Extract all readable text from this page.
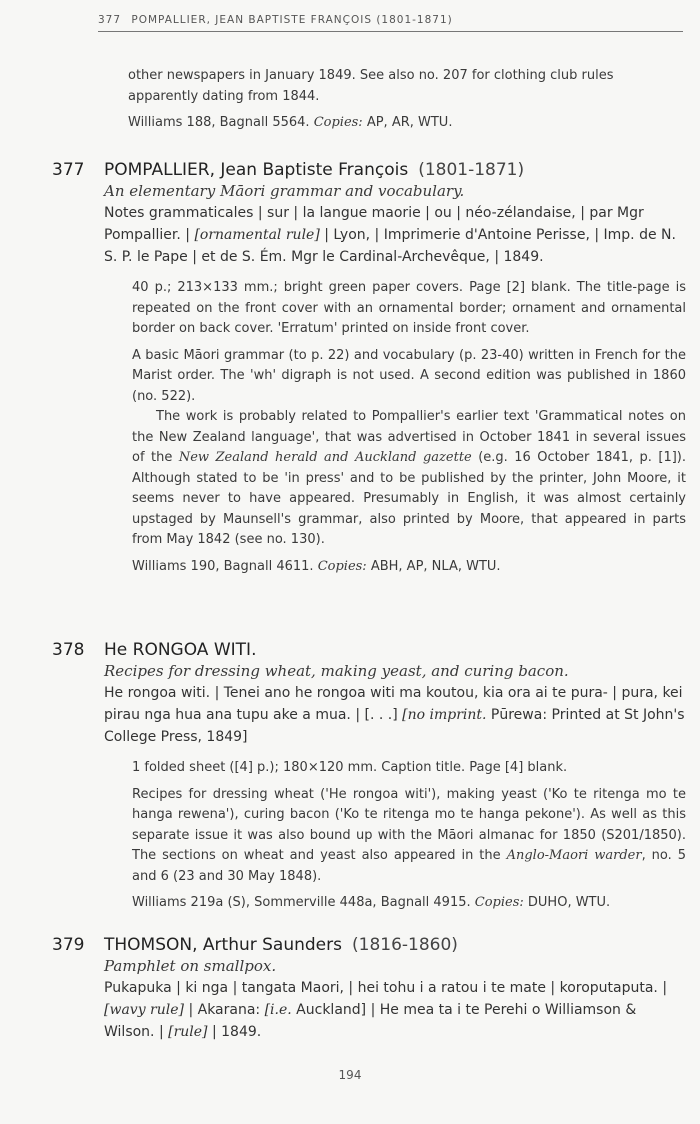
377 POMPALLIER, JEAN BAPTISTE FRANÇOIS (1801-1871)

other newspapers in January 1849. See also no. 207 for clothing club rules apparently dating from 1844.

Williams 188, Bagnall 5564. Copies: AP, AR, WTU.

377	POMPALLIER, Jean Baptiste François (1801-1871)
An elementary Māori grammar and vocabulary.
Notes grammaticales | sur | la langue maorie | ou | néo-zélandaise, | par Mgr Pompallier. | [ornamental rule] | Lyon, | Imprimerie d'Antoine Perisse, | Imp. de N. S. P. le Pape | et de S. Ém. Mgr le Cardinal-Archevêque, | 1849.

40 p.; 213×133 mm.; bright green paper covers. Page [2] blank. The title-page is repeated on the front cover with an ornamental border; ornament and ornamental border on back cover. 'Erratum' printed on inside front cover.

A basic Māori grammar (to p. 22) and vocabulary (p. 23-40) written in French for the Marist order. The 'wh' digraph is not used. A second edition was published in 1860 (no. 522).

The work is probably related to Pompallier's earlier text 'Grammatical notes on the New Zealand language', that was advertised in October 1841 in several issues of the New Zealand herald and Auckland gazette (e.g. 16 October 1841, p. [1]). Although stated to be 'in press' and to be published by the printer, John Moore, it seems never to have appeared. Presumably in English, it was almost certainly upstaged by Maunsell's grammar, also printed by Moore, that appeared in parts from May 1842 (see no. 130).

Williams 190, Bagnall 4611. Copies: ABH, AP, NLA, WTU.

378	He RONGOA WITI.
Recipes for dressing wheat, making yeast, and curing bacon.
He rongoa witi. | Tenei ano he rongoa witi ma koutou, kia ora ai te pura- | pura, kei pirau nga hua ana tupu ake a mua. | [. . .] [no imprint. Pūrewa: Printed at St John's College Press, 1849]

1 folded sheet ([4] p.); 180×120 mm. Caption title. Page [4] blank.

Recipes for dressing wheat ('He rongoa witi'), making yeast ('Ko te ritenga mo te hanga rewena'), curing bacon ('Ko te ritenga mo te hanga pekone'). As well as this separate issue it was also bound up with the Māori almanac for 1850 (S201/1850). The sections on wheat and yeast also appeared in the Anglo-Maori warder, no. 5 and 6 (23 and 30 May 1848).

Williams 219a (S), Sommerville 448a, Bagnall 4915. Copies: DUHO, WTU.

379	THOMSON, Arthur Saunders (1816-1860)
Pamphlet on smallpox.
Pukapuka | ki nga | tangata Maori, | hei tohu i a ratou i te mate | koroputaputa. | [wavy rule] | Akarana: [i.e. Auckland] | He mea ta i te Perehi o Williamson & Wilson. | [rule] | 1849.
194
